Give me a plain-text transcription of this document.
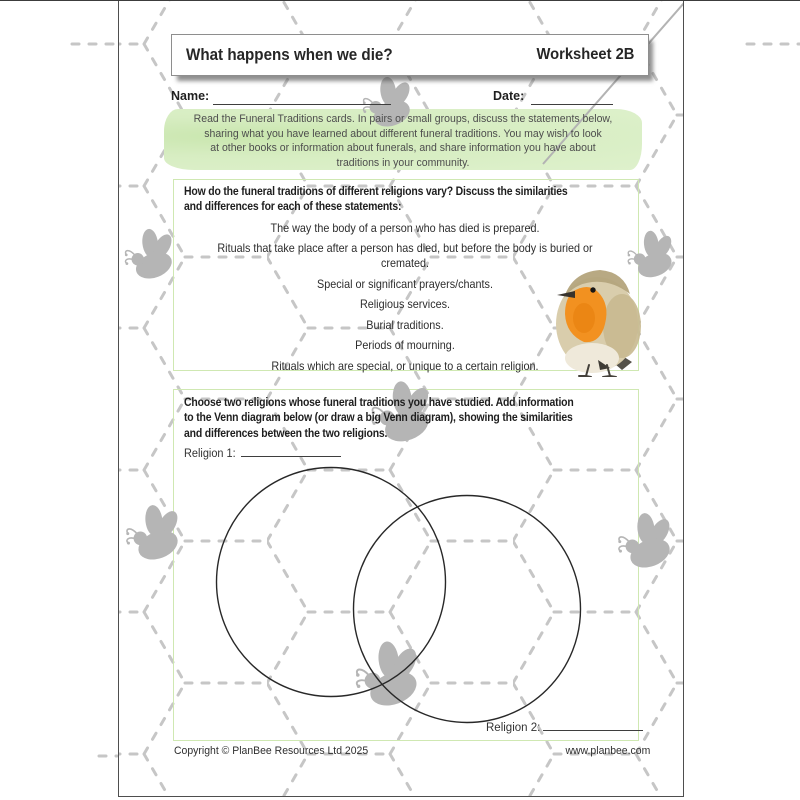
What happens when we die?	Worksheet 2B
Name:	Date:
Read the Funeral Traditions cards. In pairs or small groups, discuss the statements below,
sharing what you have learned about different funeral traditions. You may wish to look
at other books or information about funerals, and share information you have about
traditions in your community.
How do the funeral traditions of different religions vary? Discuss the similarities
and differences for each of these statements:
The way the body of a person who has died is prepared.
Rituals that take place after a person has died, but before the body is buried or
cremated.
Special or significant prayers/chants.
Religious services.
Burial traditions.
Periods of mourning.
Rituals which are special, or unique to a certain religion.
Choose two religions whose funeral traditions you have studied. Add information
to the Venn diagram below (or draw a big Venn diagram), showing the similarities
and differences between the two religions.
Religion 1:
Religion 2:
Copyright © PlanBee Resources Ltd 2025	www.planbee.com
